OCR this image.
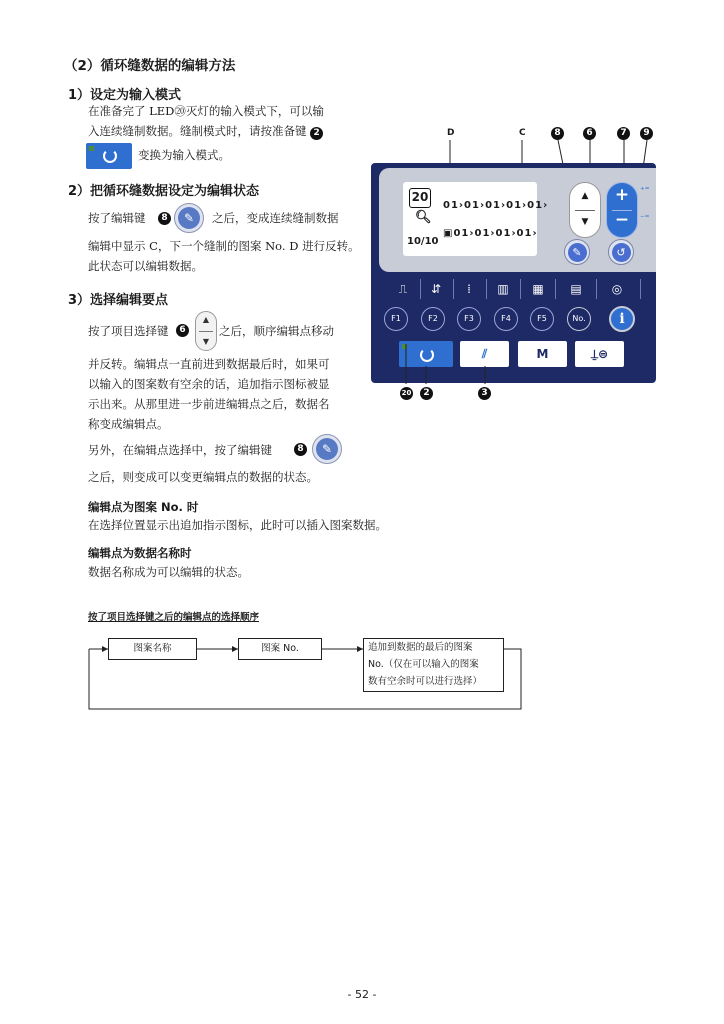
（2）循环缝数据的编辑方法
1）设定为输入模式
在准备完了 LED⑳灭灯的输入模式下，可以输
入连续缝制数据。缝制模式时，请按准备键 2
变换为输入模式。
2）把循环缝数据设定为编辑状态
按了编辑键	8	✎	之后，变成连续缝制数据
编辑中显示 C，下一个缝制的图案 No. D 进行反转。
此状态可以编辑数据。
3）选择编辑要点
按了项目选择键	6
▲
▼
之后，顺序编辑点移动
并反转。编辑点一直前进到数据最后时，如果可
以输入的图案数有空余的话，追加指示图标被显
示出来。从那里进一步前进编辑点之后，数据名
称变成编辑点。
另外，在编辑点选择中，按了编辑键	8	✎
之后，则变成可以变更编辑点的数据的状态。
编辑点为图案 No. 时
在选择位置显示出追加指示图标，此时可以插入图案数据。
编辑点为数据名称时
数据名称成为可以编辑的状态。
按了项目选择键之后的编辑点的选择顺序
图案名称	图案 No.	追加到数据的最后的图案
No.（仅在可以输入的图案
数有空余时可以进行选择）
D	C	8	6	7	9
20
🔍︎
10/10
01›01›01›01›01›
▣01›01›01›01›
▲
▼
+
−
⁺⁼
⁻⁼
✎	↺
⎍	⇵	⁞	▥	▦	▤	◎
F1	F2	F3	F4	F5	No.	i
⫽	M	⍊⊜
20	2	3
- 52 -
